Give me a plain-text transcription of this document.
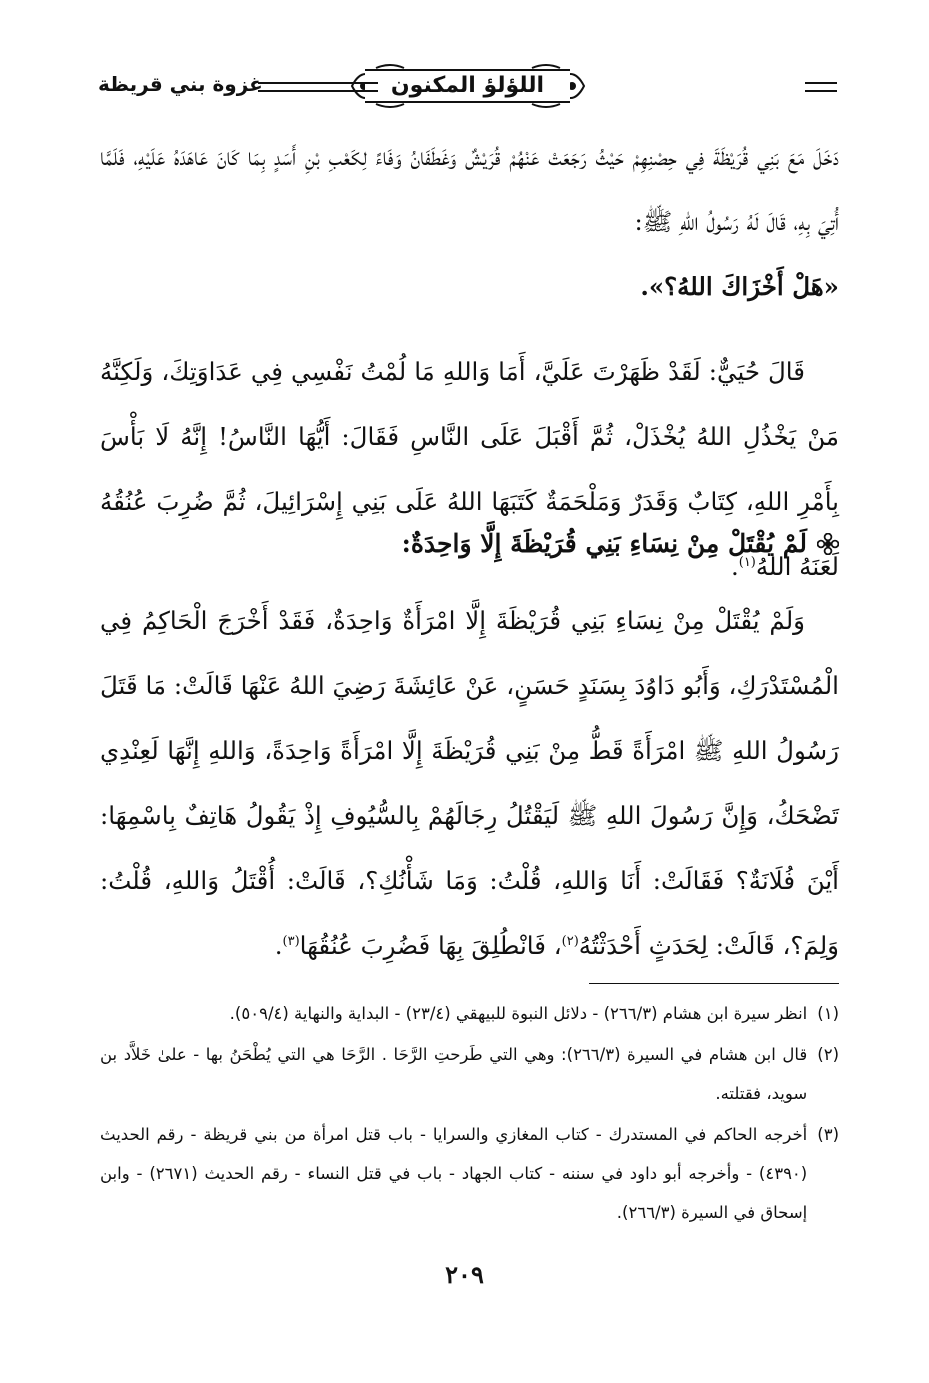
اللؤلؤ المكنون
غزوة بني قريظة

دَخَلَ مَعَ بَنِي قُرَيْظَةَ فِي حِصْنِهِمْ حَيْثُ رَجَعَتْ عَنْهُمْ قُرَيْشٌ وَغَطَفَانُ وَفَاءً لِكَعْبِ بْنِ أَسَدٍ بِمَا كَانَ عَاهَدَهُ عَلَيْهِ، فَلَمَّا أُتِيَ بِهِ، قَالَ لَهُ رَسُولُ اللهِ ﷺ:
«هَلْ أَخْزَاكَ اللهُ؟».

قَالَ حُيَيٌّ: لَقَدْ ظَهَرْتَ عَلَيَّ، أَمَا وَاللهِ مَا لُمْتُ نَفْسِي فِي عَدَاوَتِكَ، وَلَكِنَّهُ مَنْ يَخْذُلِ اللهُ يُخْذَلْ، ثُمَّ أَقْبَلَ عَلَى النَّاسِ فَقَالَ: أَيُّهَا النَّاسُ! إِنَّهُ لَا بَأْسَ بِأَمْرِ اللهِ، كِتَابٌ وَقَدَرٌ وَمَلْحَمَةٌ كَتَبَهَا اللهُ عَلَى بَنِي إِسْرَائِيلَ، ثُمَّ ضُرِبَ عُنُقُهُ لَعَنَهُ اللهُ$^{(١)}$.

لَمْ يُقْتَلْ مِنْ نِسَاءِ بَنِي قُرَيْظَةَ إِلَّا وَاحِدَةٌ:

وَلَمْ يُقْتَلْ مِنْ نِسَاءِ بَنِي قُرَيْظَةَ إِلَّا امْرَأَةٌ وَاحِدَةٌ، فَقَدْ أَخْرَجَ الْحَاكِمُ فِي الْمُسْتَدْرَكِ، وَأَبُو دَاوُدَ بِسَنَدٍ حَسَنٍ، عَنْ عَائِشَةَ رَضِيَ اللهُ عَنْهَا قَالَتْ: مَا قَتَلَ رَسُولُ اللهِ ﷺ امْرَأَةً قَطُّ مِنْ بَنِي قُرَيْظَةَ إِلَّا امْرَأَةً وَاحِدَةً، وَاللهِ إِنَّهَا لَعِنْدِي تَضْحَكُ، وَإِنَّ رَسُولَ اللهِ ﷺ لَيَقْتُلُ رِجَالَهُمْ بِالسُّيُوفِ إِذْ يَقُولُ هَاتِفٌ بِاسْمِهَا: أَيْنَ فُلَانَةٌ؟ فَقَالَتْ: أَنَا وَاللهِ، قُلْتُ: وَمَا شَأْنُكِ؟، قَالَتْ: أُقْتَلُ وَاللهِ، قُلْتُ: وَلِمَ؟، قَالَتْ: لِحَدَثٍ أَحْدَثْتُهُ$^{(٢)}$، فَانْطُلِقَ بِهَا فَضُرِبَ عُنُقُهَا$^{(٣)}$.

(١)
انظر سيرة ابن هشام (٢٦٦/٣) - دلائل النبوة للبيهقي (٢٣/٤) - البداية والنهاية (٥٠٩/٤).

(٢)
قال ابن هشام في السيرة (٢٦٦/٣): وهي التي طَرحتِ الرَّحَا . الرَّحَا هي التي يُطْحَنُ بها - علىٰ خَلاَّد بن سويد، فقتلته.

(٣)
أخرجه الحاكم في المستدرك - كتاب المغازي والسرايا - باب قتل امرأة من بني قريظة - رقم الحديث (٤٣٩٠) - وأخرجه أبو داود في سننه - كتاب الجهاد - باب في قتل النساء - رقم الحديث (٢٦٧١) - وابن إسحاق في السيرة (٢٦٦/٣).

٢٠٩
